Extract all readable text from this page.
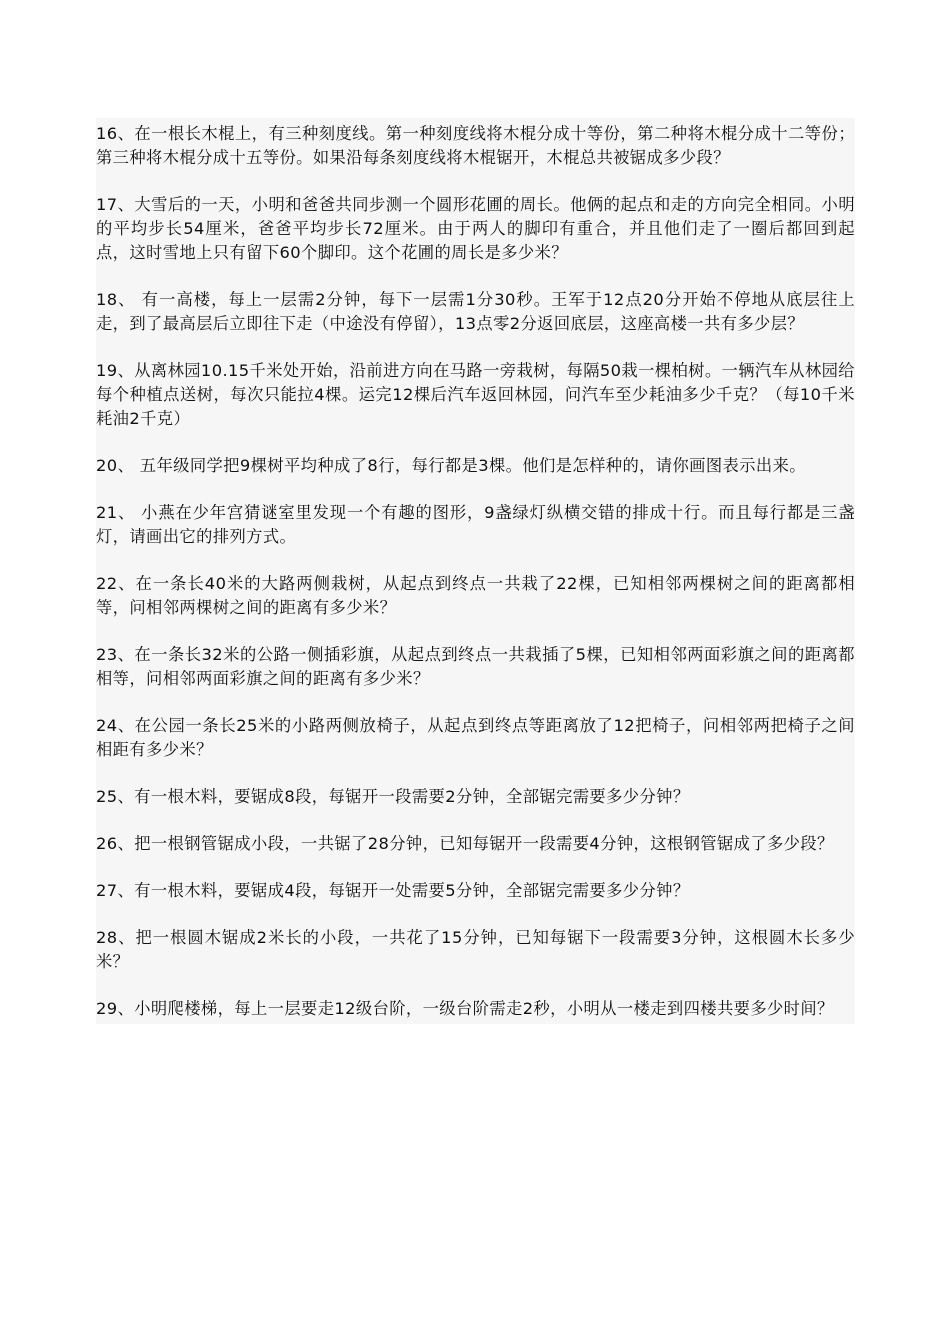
16、在一根长木棍上，有三种刻度线。第一种刻度线将木棍分成十等份，第二种将木棍分成十二等份；第三种将木棍分成十五等份。如果沿每条刻度线将木棍锯开，木棍总共被锯成多少段？

17、大雪后的一天，小明和爸爸共同步测一个圆形花圃的周长。他俩的起点和走的方向完全相同。小明的平均步长54厘米，爸爸平均步长72厘米。由于两人的脚印有重合，并且他们走了一圈后都回到起点，这时雪地上只有留下60个脚印。这个花圃的周长是多少米？

18、 有一高楼，每上一层需2分钟，每下一层需1分30秒。王军于12点20分开始不停地从底层往上走，到了最高层后立即往下走（中途没有停留），13点零2分返回底层，这座高楼一共有多少层？

19、从离林园10.15千米处开始，沿前进方向在马路一旁栽树，每隔50栽一棵柏树。一辆汽车从林园给每个种植点送树，每次只能拉4棵。运完12棵后汽车返回林园，问汽车至少耗油多少千克？（每10千米耗油2千克）

20、 五年级同学把9棵树平均种成了8行，每行都是3棵。他们是怎样种的，请你画图表示出来。

21、 小燕在少年宫猜谜室里发现一个有趣的图形，9盏绿灯纵横交错的排成十行。而且每行都是三盏灯，请画出它的排列方式。

22、在一条长40米的大路两侧栽树，从起点到终点一共栽了22棵，已知相邻两棵树之间的距离都相等，问相邻两棵树之间的距离有多少米？

23、在一条长32米的公路一侧插彩旗，从起点到终点一共栽插了5棵，已知相邻两面彩旗之间的距离都相等，问相邻两面彩旗之间的距离有多少米？

24、在公园一条长25米的小路两侧放椅子，从起点到终点等距离放了12把椅子，问相邻两把椅子之间相距有多少米？

25、有一根木料，要锯成8段，每锯开一段需要2分钟，全部锯完需要多少分钟？

26、把一根钢管锯成小段，一共锯了28分钟，已知每锯开一段需要4分钟，这根钢管锯成了多少段？

27、有一根木料，要锯成4段，每锯开一处需要5分钟，全部锯完需要多少分钟？

28、把一根圆木锯成2米长的小段，一共花了15分钟，已知每锯下一段需要3分钟，这根圆木长多少米？

29、小明爬楼梯，每上一层要走12级台阶，一级台阶需走2秒，小明从一楼走到四楼共要多少时间？
